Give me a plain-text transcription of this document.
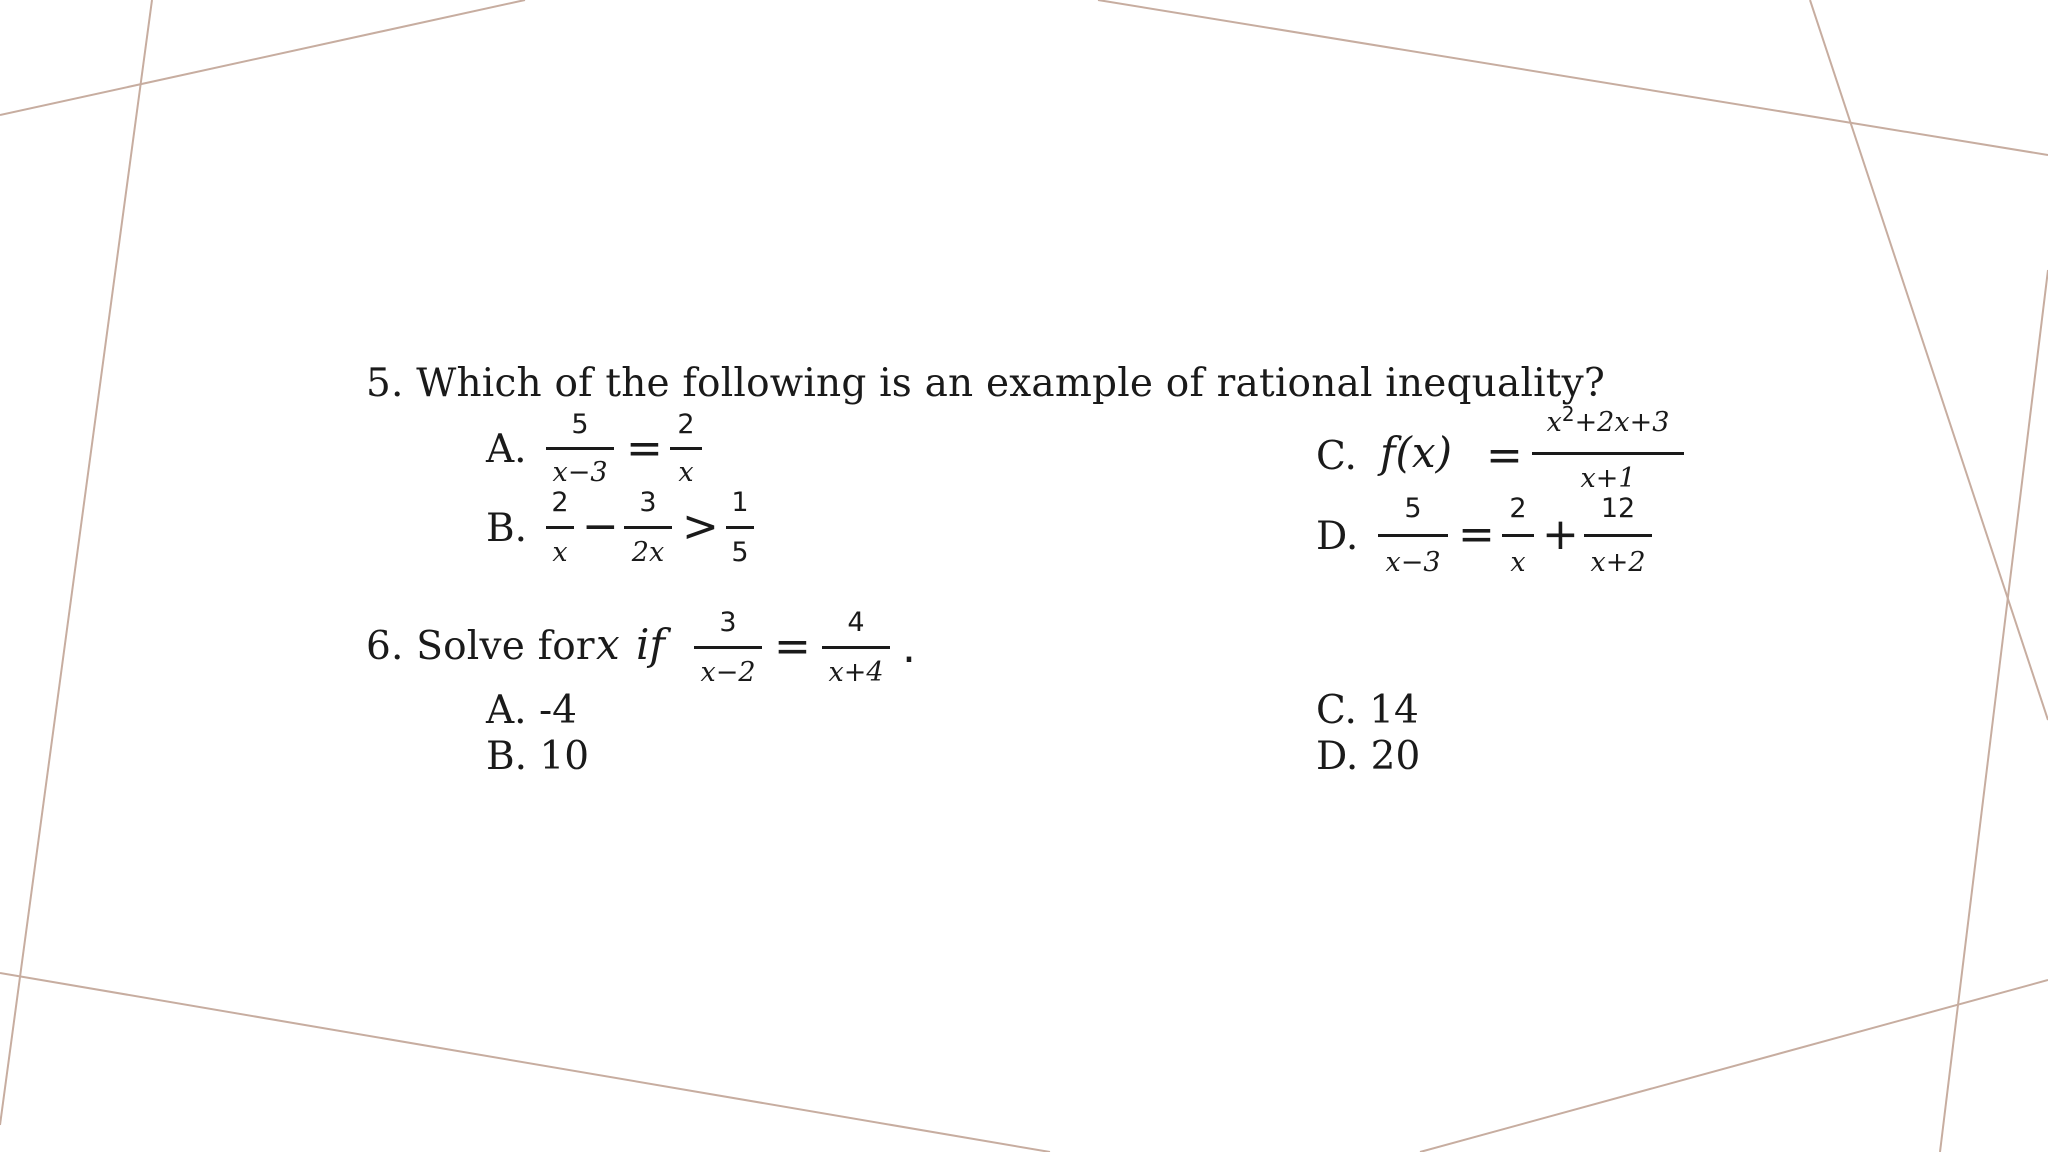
5. Which of the following is an example of rational inequality?
A.
5
x−3 = 2
x
B.
2
x
− 3
2x
> 1
5
C. f(x) =
$x^2+2x+3$
x+1
D.
5
x−3
=
2
x
+
12
x+2
6. Solve for x if	3
x−2
=	4
x+4 .
A. -4
B. 10
C. 14
D. 20
